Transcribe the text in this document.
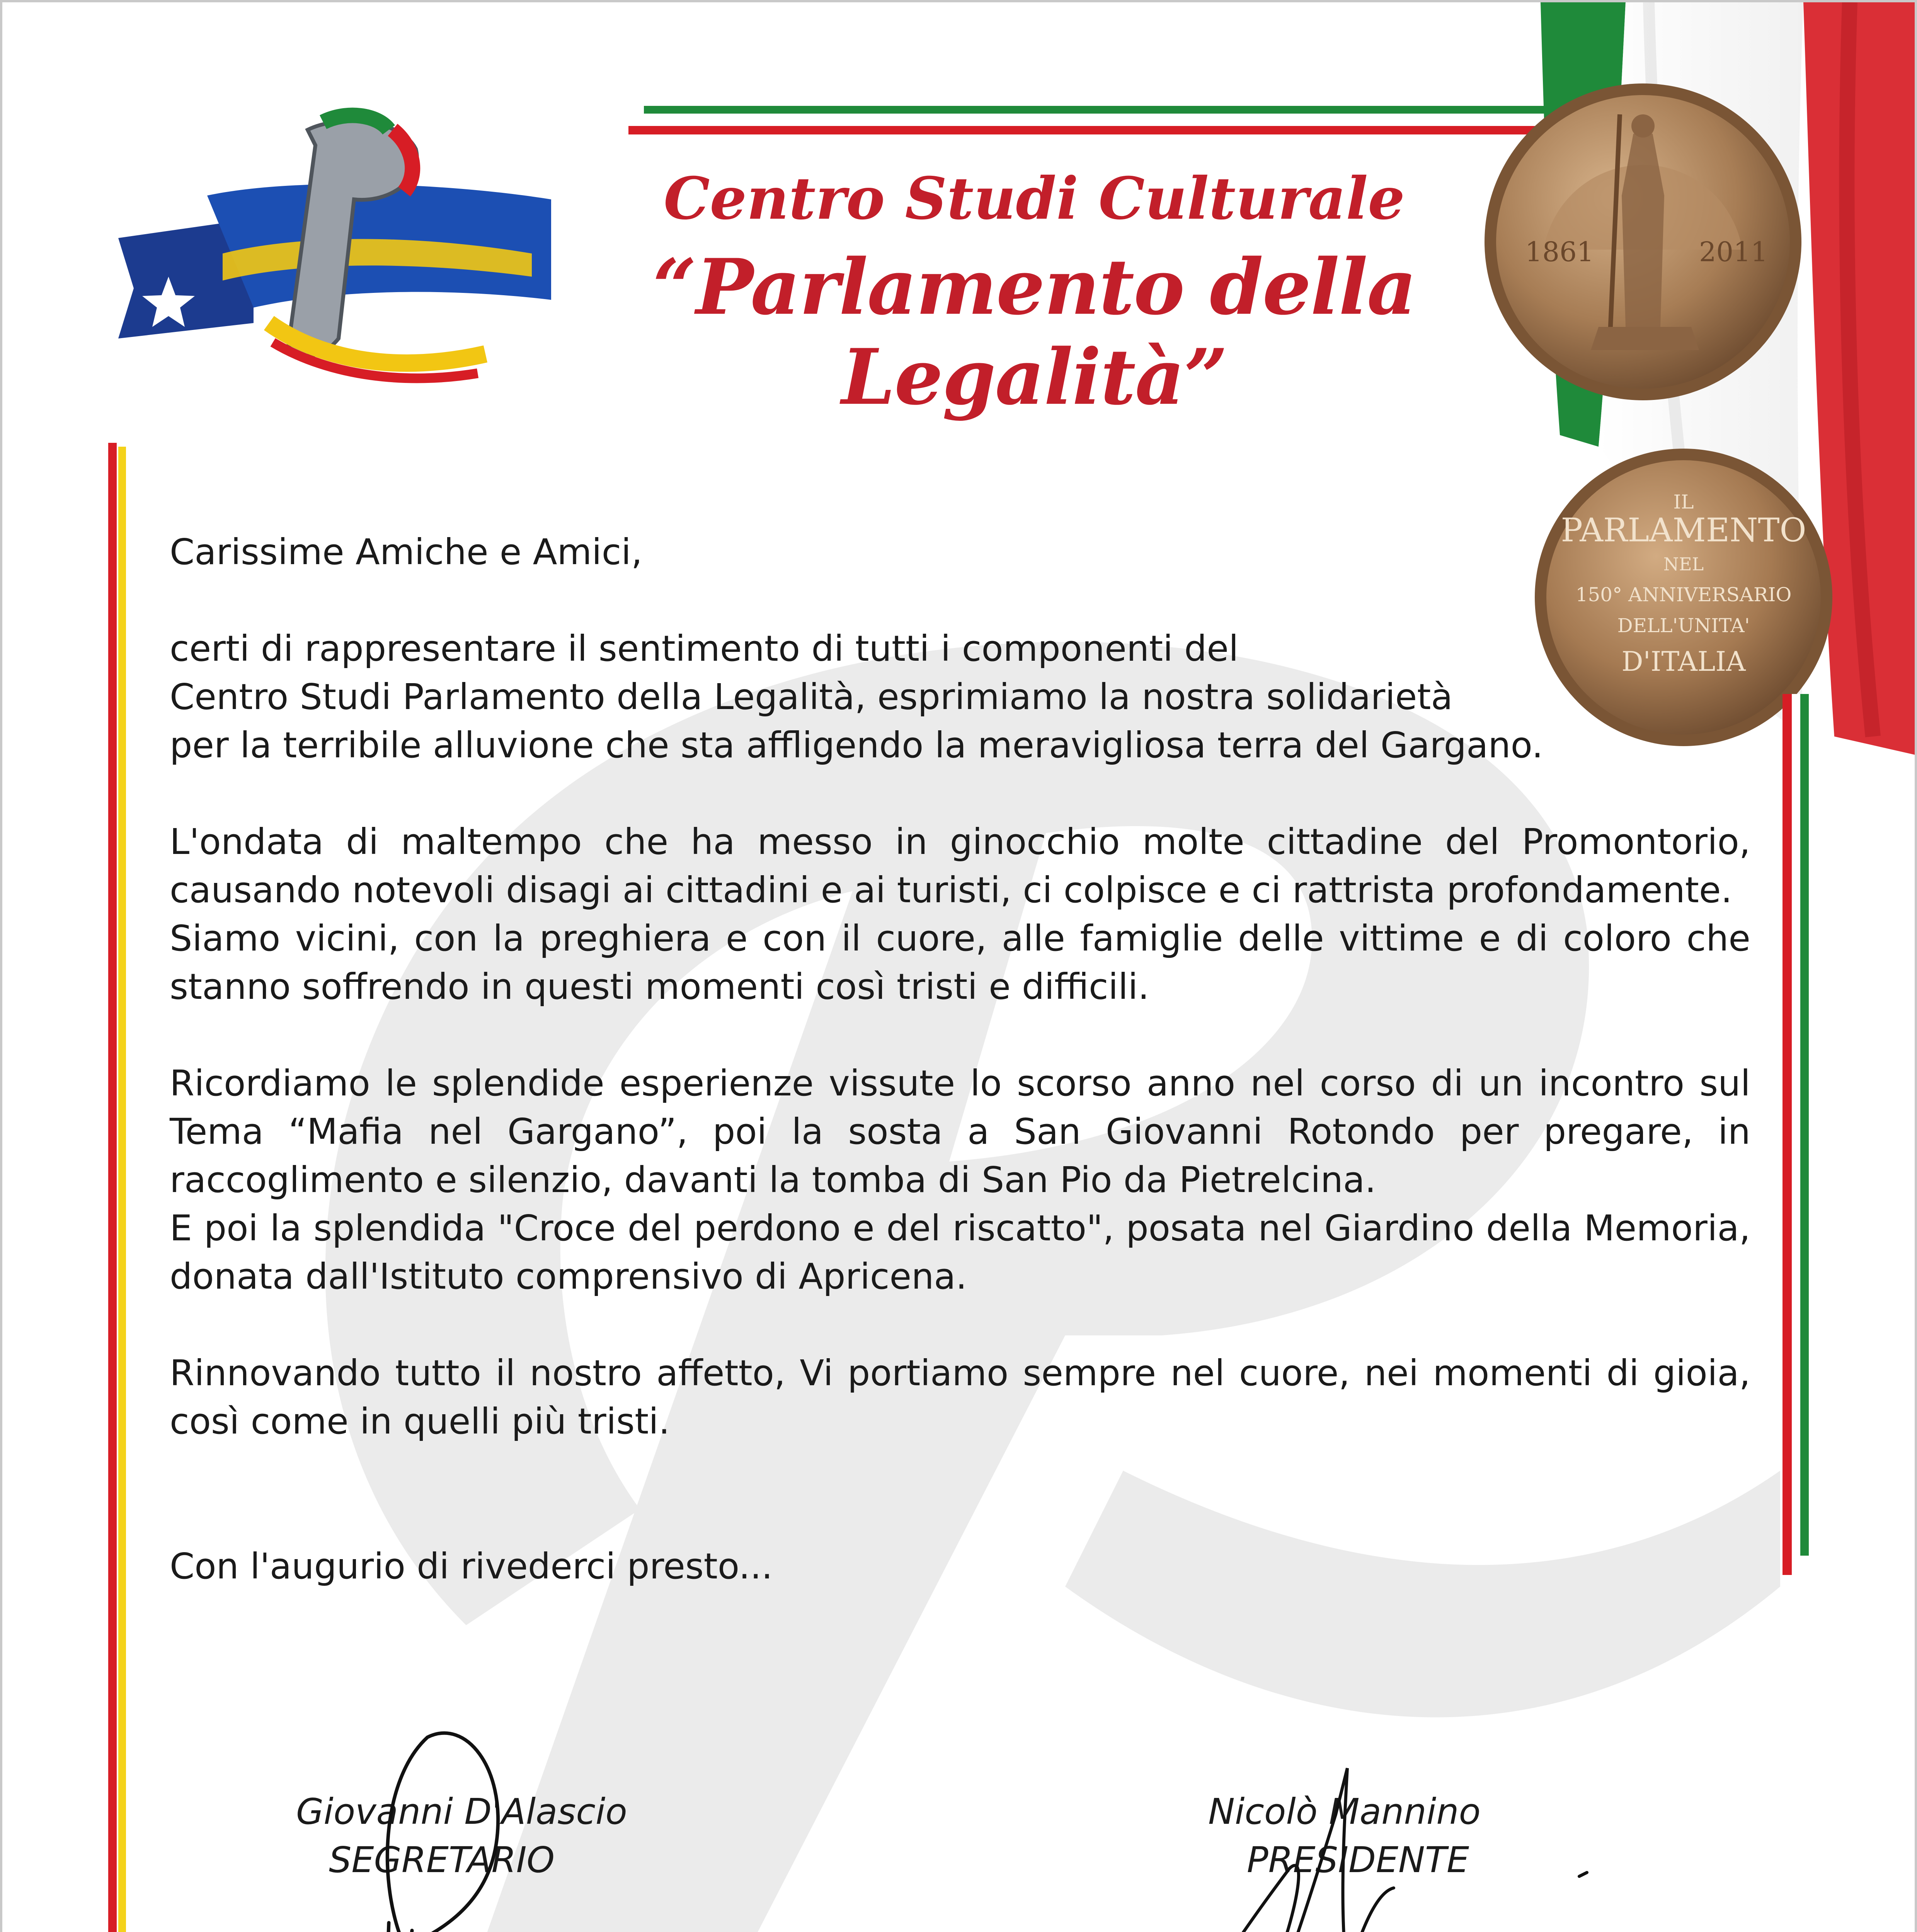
Centro Studi Culturale
“Parlamento della Legalità”
1861	2011
IL
PARLAMENTO
NEL
150° ANNIVERSARIO
DELL'UNITA'
D'ITALIA

Carissime Amiche e Amici,

certi di rappresentare il sentimento di tutti i componenti del

Centro Studi Parlamento della Legalità, esprimiamo la nostra solidarietà

per la terribile alluvione che sta affligendo la meravigliosa terra del Gargano.

L'ondata di maltempo che ha messo in ginocchio molte cittadine del Promontorio, causando notevoli disagi ai cittadini e ai turisti, ci colpisce e ci rattrista profondamente.

Siamo vicini, con la preghiera e con il cuore, alle famiglie delle vittime e di coloro che stanno soffrendo in questi momenti così tristi e difficili.

Ricordiamo le splendide esperienze vissute lo scorso anno nel corso di un incontro sul Tema “Mafia nel Gargano”, poi la sosta a San Giovanni Rotondo per pregare, in raccoglimento e silenzio, davanti la tomba di San Pio da Pietrelcina.

E poi la splendida "Croce del perdono e del riscatto", posata nel Giardino della Memoria, donata dall'Istituto comprensivo di Apricena.

Rinnovando tutto il nostro affetto, Vi portiamo sempre nel cuore, nei momenti di gioia, così come in quelli più tristi.

Con l'augurio di rivederci presto...

Giovanni D'Alascio
SEGRETARIO
Nicolò Mannino
PRESIDENTE
